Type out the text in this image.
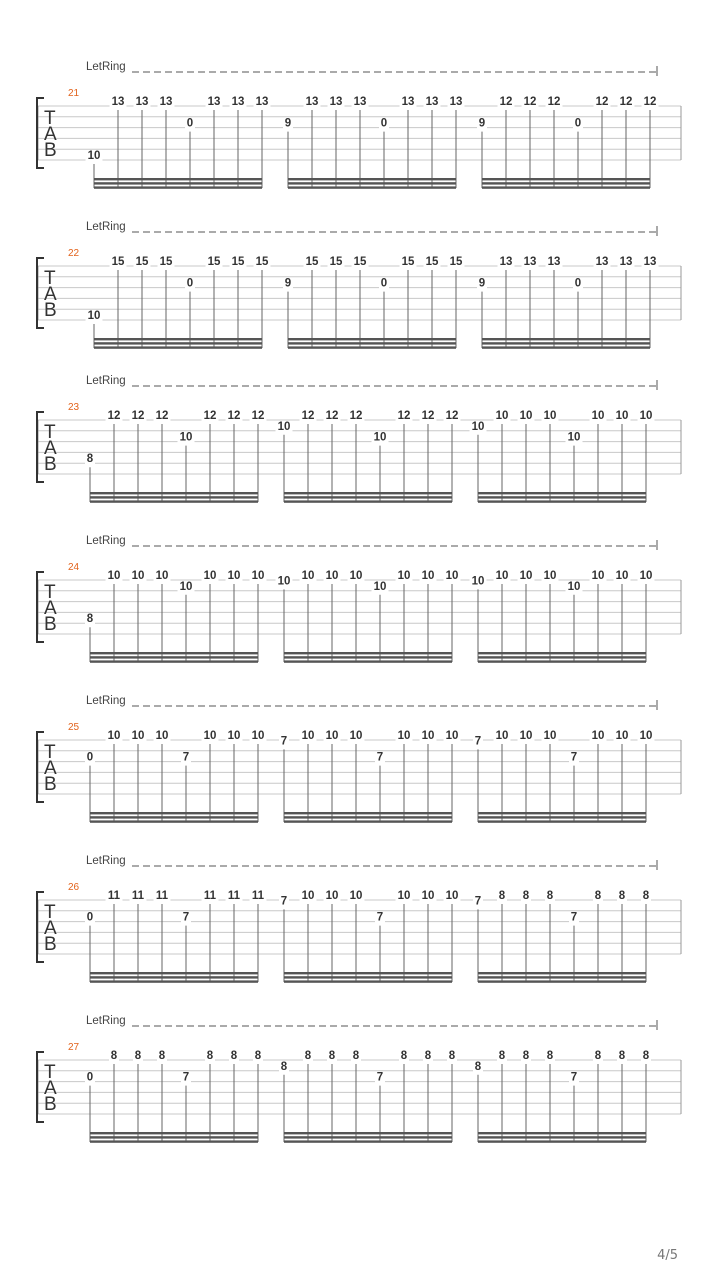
LetRing
21
T
A
B	10
13 13 13	13 13 13
0	9
13 13 13	13 13 13
0	9
12 12 12	12 12 12
0
LetRing
22
T
A
B	10
15 15 15	15 15 15
0	9
15 15 15	15 15 15
0	9
13 13 13	13 13 13
0
LetRing
23
T
A
B	8
12 12 12	12 12 12
10
10
12 12 12	12 12 12
10
10
10 10 10	10 10 10
10
LetRing
24
T
A
B	8
10 10 10	10 10 10
10	10 10 10 10	10 10 10
10	10 10 10 10	10 10 10
10
LetRing
25
T
A
B
0
10 10 10	10 10 10
7
7 10 10 10	10 10 10
7
7 10 10 10	10 10 10
7
LetRing
26
T
A
B
0
11 11 11	11 11 11
7
7 10 10 10	10 10 10
7
7 8 8 8	8 8 8
7
LetRing
27
T
A
B
0
8 8 8	8 8 8
7
8
8 8 8	8 8 8
7
8
8 8 8	8 8 8
7
4/5
